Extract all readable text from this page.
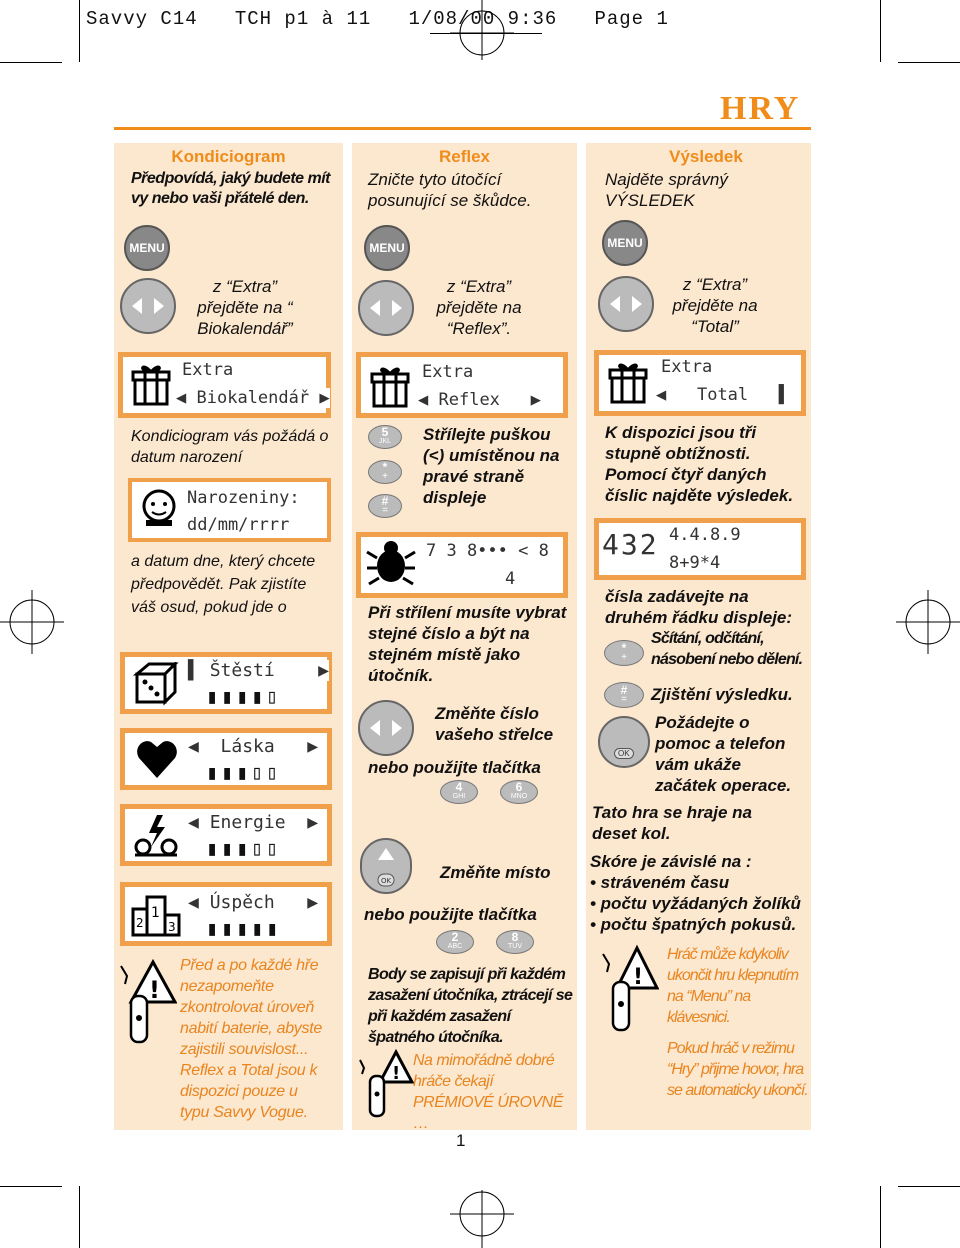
Savvy C14   TCH p1 à 11   1/08/00 9:36   Page 1
HRY
Kondiciogram
Předpovídá, jaký budete mít vy nebo vaši přátelé den.
MENU
z “Extra” přejděte na “ Biokalendář”
Extra
◀ Biokalendář ▶
Kondiciogram vás požádá o datum narození
Narozeniny:
dd/mm/rrrr
a datum dne, který chcete předpovědět. Pak zjistíte váš osud, pokud jde o
▌ Štěstí ▶
▮▮▮▮▯
◀ Láska ▶
▮▮▮▯▯
◀ Energie ▶
▮▮▮▯▯
1
2 3
◀ Úspěch ▶
▮▮▮▮▮
!
Před a po každé hře nezapomeňte zkontrolovat úroveň nabití baterie, abyste zajistili souvislost... Reflex a Total jsou k dispozici pouze u typu Savvy Vogue.
Reflex
Zničte tyto útočící posunující se škůdce.
MENU
z “Extra” přejděte na “Reflex”.
Extra
◀ Reflex ▶
5
JKL
*
+
#
=
Střílejte puškou (<) umístěnou na pravé straně displeje
7 3 8••• < 8
4
Při střílení musíte vybrat stejné číslo a být na stejném místě jako útočník.
Změňte číslo vašeho střelce
nebo použijte tlačítka
4
GHI
6
MNO
OK	Změňte místo
nebo použijte tlačítka
2
ABC
8
TUV
Body se zapisují při každém zasažení útočníka, ztrácejí se při každém zasažení špatného útočníka.
!
Na mimořádně dobré hráče čekají PRÉMIOVÉ ÚROVNĚ …
1
Výsledek
Najděte správný VÝSLEDEK
MENU
z “Extra” přejděte na “Total”
Extra
◀ Total ▌
K dispozici jsou tři stupně obtížnosti. Pomocí čtyř daných číslic najděte výsledek.
432 4.4.8.9
8+9*4
čísla zadávejte na druhém řádku displeje:
*
+
Sčítání, odčítání, násobení nebo dělení.
#
= Zjištění výsledku.
OK
Požádejte o pomoc a telefon vám ukáže začátek operace.
Tato hra se hraje na deset kol.
Skóre je závislé na :
• stráveném času
• počtu vyžádaných žolíků
• počtu špatných pokusů.
!
Hráč může kdykoliv ukončit hru klepnutím na “Menu” na klávesnici.
Pokud hráč v režimu “Hry” přijme hovor, hra se automaticky ukončí.
